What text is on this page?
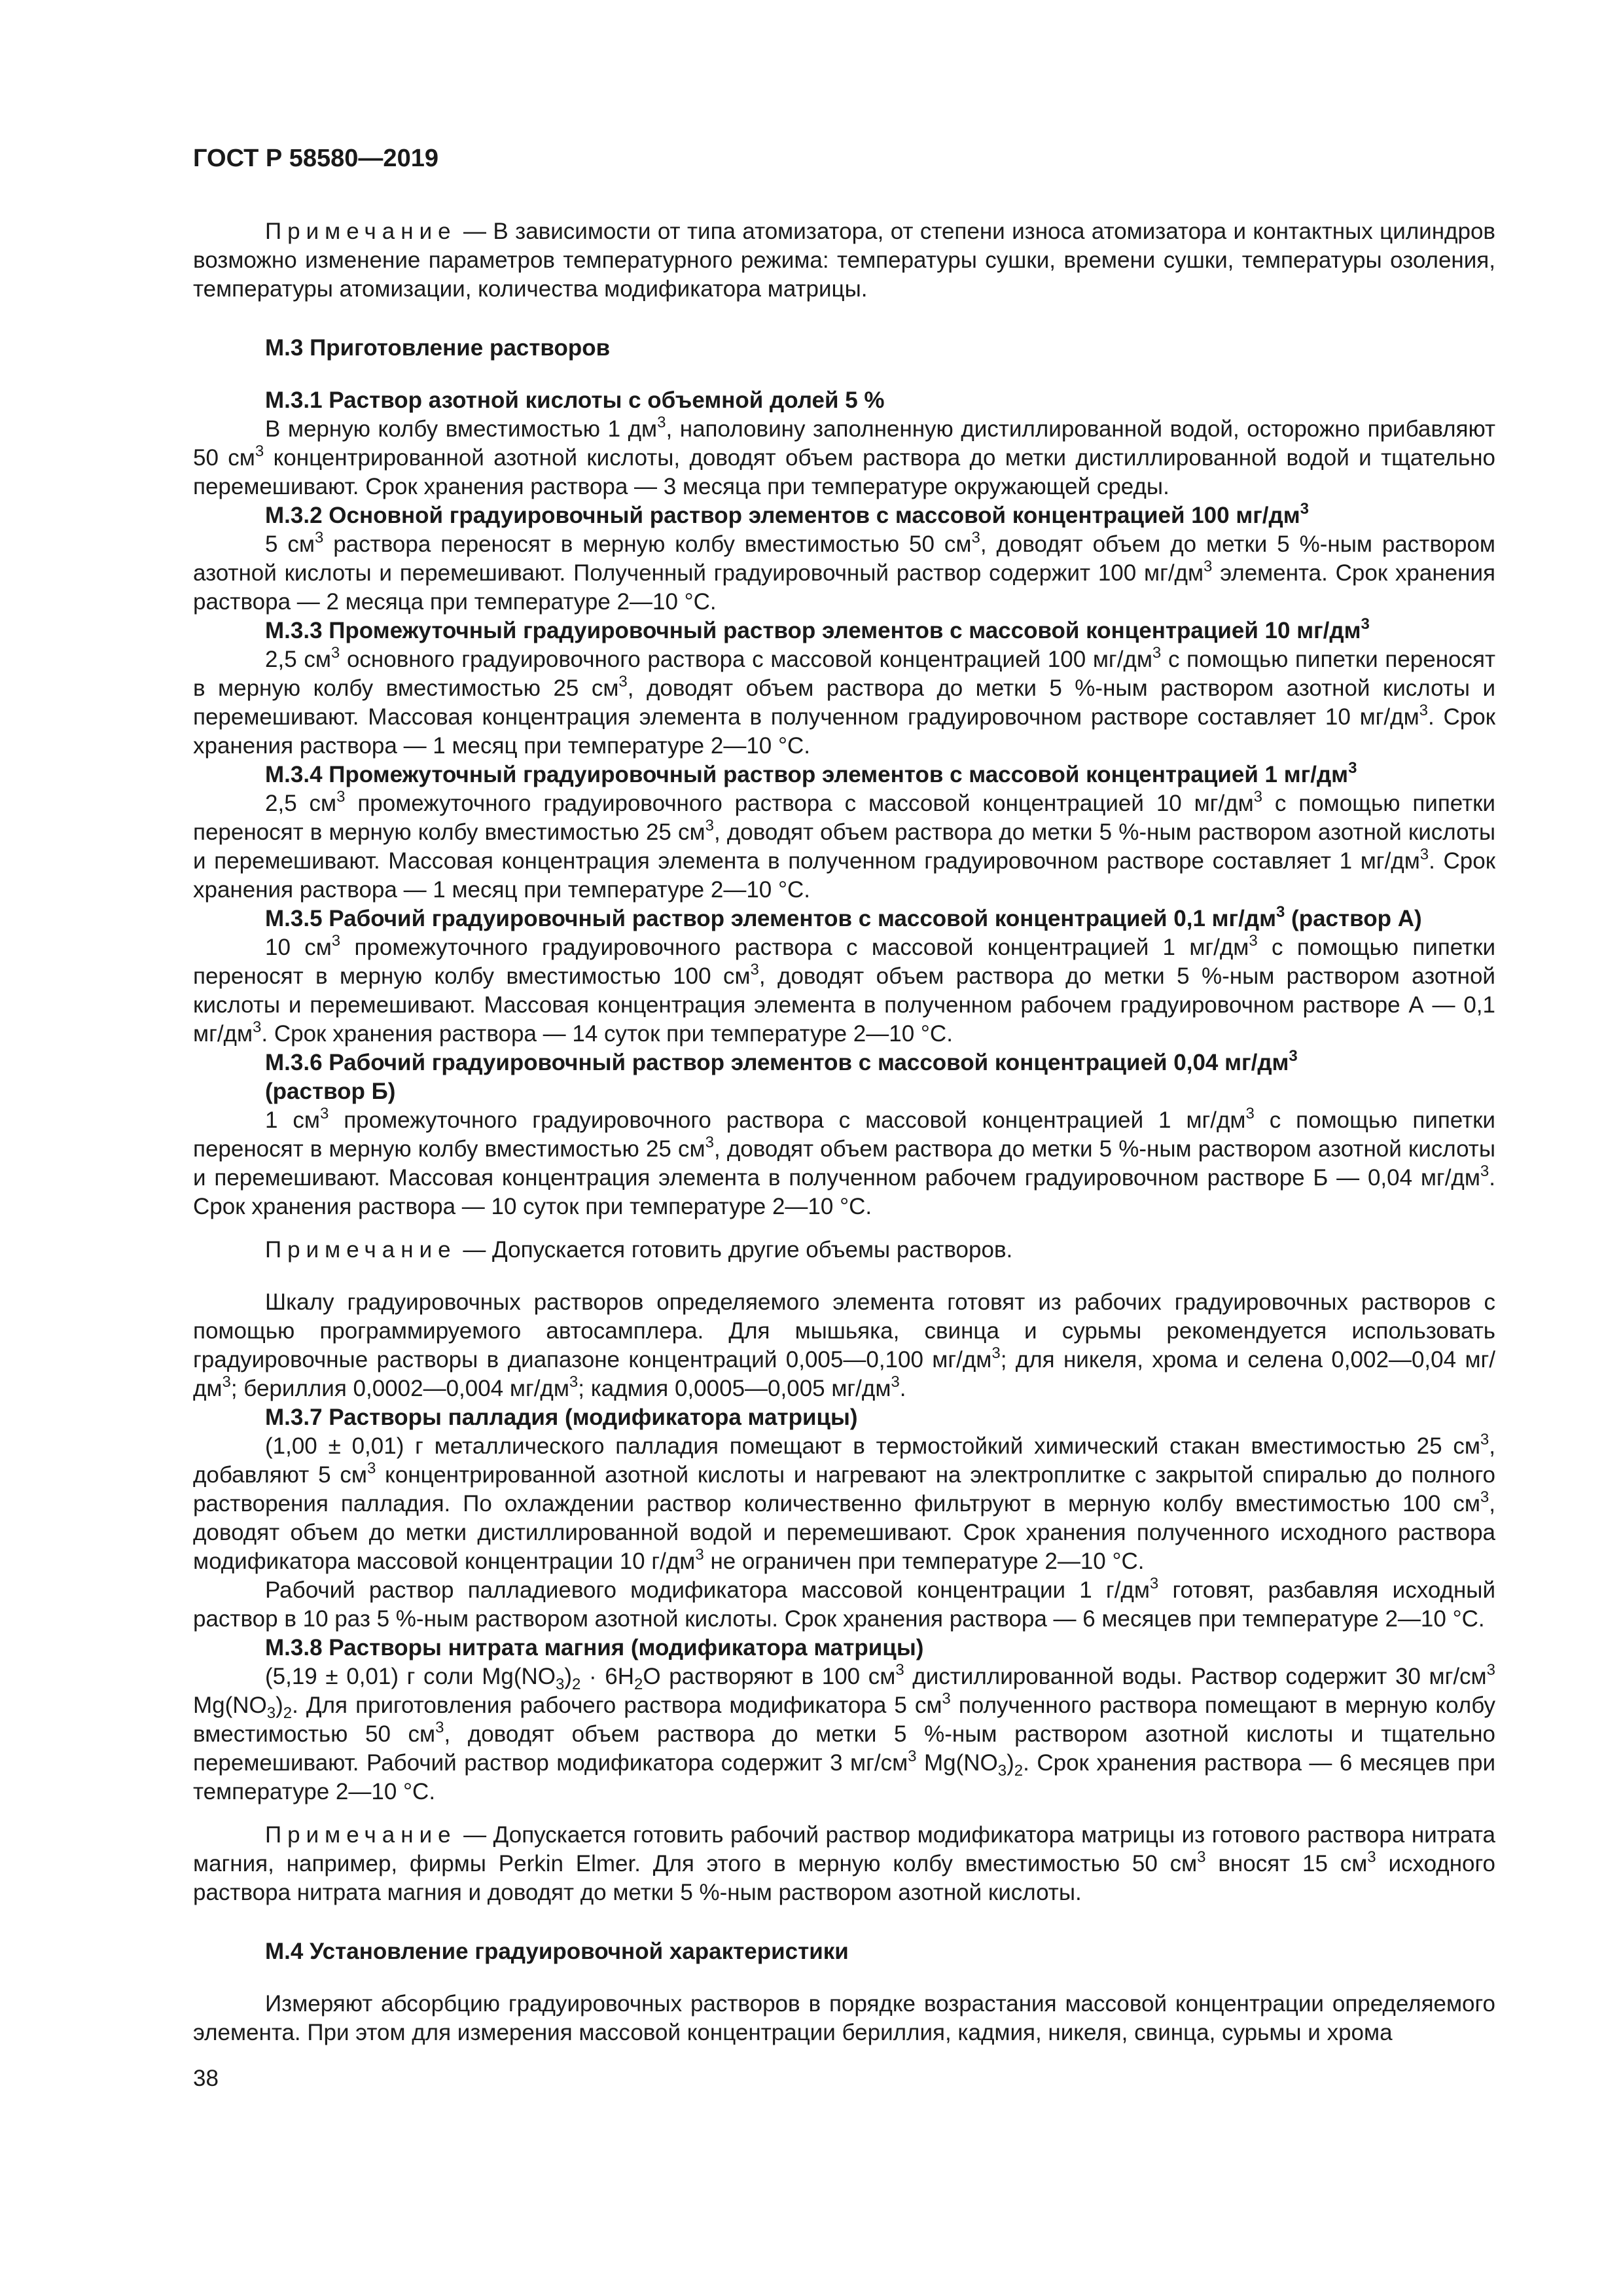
ГОСТ Р 58580—2019

Примечание — В зависимости от типа атомизатора, от степени износа атомизатора и контактных цилиндров возможно изменение параметров температурного режима: температуры сушки, времени сушки, температуры озоления, температуры атомизации, количества модификатора матрицы.

М.3 Приготовление растворов

М.3.1 Раствор азотной кислоты с объемной долей 5 %

В мерную колбу вместимостью 1 $дм^3$, наполовину заполненную дистиллированной водой, осторожно прибавляют 50 $см^3$ концентрированной азотной кислоты, доводят объем раствора до метки дистиллированной водой и тщательно перемешивают. Срок хранения раствора — 3 месяца при температуре окружающей среды.

М.3.2 Основной градуировочный раствор элементов с массовой концентрацией 100 $мг/дм^3$

5 $см^3$ раствора переносят в мерную колбу вместимостью 50 $см^3$, доводят объем до метки 5 %-ным раствором азотной кислоты и перемешивают. Полученный градуировочный раствор содержит 100 $мг/дм^3$ элемента. Срок хранения раствора — 2 месяца при температуре 2—10 °С.

М.3.3 Промежуточный градуировочный раствор элементов с массовой концентрацией 10 $мг/дм^3$

2,5 $см^3$ основного градуировочного раствора с массовой концентрацией 100 $мг/дм^3$ с помощью пипетки переносят в мерную колбу вместимостью 25 $см^3$, доводят объем раствора до метки 5 %-ным раствором азотной кислоты и перемешивают. Массовая концентрация элемента в полученном градуировочном растворе составляет 10 $мг/дм^3$. Срок хранения раствора — 1 месяц при температуре 2—10 °С.

М.3.4 Промежуточный градуировочный раствор элементов с массовой концентрацией 1 $мг/дм^3$

2,5 $см^3$ промежуточного градуировочного раствора с массовой концентрацией 10 $мг/дм^3$ с помощью пипетки переносят в мерную колбу вместимостью 25 $см^3$, доводят объем раствора до метки 5 %-ным раствором азотной кислоты и перемешивают. Массовая концентрация элемента в полученном градуировочном растворе составляет 1 $мг/дм^3$. Срок хранения раствора — 1 месяц при температуре 2—10 °С.

М.3.5 Рабочий градуировочный раствор элементов с массовой концентрацией 0,1 $мг/дм^3$ (раствор А)

10 $см^3$ промежуточного градуировочного раствора с массовой концентрацией 1 $мг/дм^3$ с помощью пипетки переносят в мерную колбу вместимостью 100 $см^3$, доводят объем раствора до метки 5 %-ным раствором азотной кислоты и перемешивают. Массовая концентрация элемента в полученном рабочем градуировочном растворе А — 0,1 $мг/дм^3$. Срок хранения раствора — 14 суток при температуре 2—10 °С.

М.3.6 Рабочий градуировочный раствор элементов с массовой концентрацией 0,04 $мг/дм^3$
(раствор Б)

1 $см^3$ промежуточного градуировочного раствора с массовой концентрацией 1 $мг/дм^3$ с помощью пипетки переносят в мерную колбу вместимостью 25 $см^3$, доводят объем раствора до метки 5 %-ным раствором азотной кислоты и перемешивают. Массовая концентрация элемента в полученном рабочем градуировочном растворе Б — 0,04 $мг/дм^3$. Срок хранения раствора — 10 суток при температуре 2—10 °С.

Примечание — Допускается готовить другие объемы растворов.

Шкалу градуировочных растворов определяемого элемента готовят из рабочих градуировочных растворов с помощью программируемого автосамплера. Для мышьяка, свинца и сурьмы рекомендуется использовать градуировочные растворы в диапазоне концентраций 0,005—0,100 $мг/дм^3$; для никеля, хрома и селена 0,002—0,04 $мг/дм^3$; бериллия 0,0002—0,004 $мг/дм^3$; кадмия 0,0005—0,005 $мг/дм^3$.

М.3.7 Растворы палладия (модификатора матрицы)

(1,00 ± 0,01) г металлического палладия помещают в термостойкий химический стакан вместимостью 25 $см^3$, добавляют 5 $см^3$ концентрированной азотной кислоты и нагревают на электроплитке с закрытой спиралью до полного растворения палладия. По охлаждении раствор количественно фильтруют в мерную колбу вместимостью 100 $см^3$, доводят объем до метки дистиллированной водой и перемешивают. Срок хранения полученного исходного раствора модификатора массовой концентрации 10 $г/дм^3$ не ограничен при температуре 2—10 °С.

Рабочий раствор палладиевого модификатора массовой концентрации 1 $г/дм^3$ готовят, разбавляя исходный раствор в 10 раз 5 %-ным раствором азотной кислоты. Срок хранения раствора — 6 месяцев при температуре 2—10 °С.

М.3.8 Растворы нитрата магния (модификатора матрицы)

(5,19 ± 0,01) г соли $Mg(NO_3)_2 \cdot 6H_2O$ растворяют в 100 $см^3$ дистиллированной воды. Раствор содержит 30 $мг/см^3$ $Mg(NO_3)_2$. Для приготовления рабочего раствора модификатора 5 $см^3$ полученного раствора помещают в мерную колбу вместимостью 50 $см^3$, доводят объем раствора до метки 5 %-ным раствором азотной кислоты и тщательно перемешивают. Рабочий раствор модификатора содержит 3 $мг/см^3$ $Mg(NO_3)_2$. Срок хранения раствора — 6 месяцев при температуре 2—10 °С.

Примечание — Допускается готовить рабочий раствор модификатора матрицы из готового раствора нитрата магния, например, фирмы Perkin Elmer. Для этого в мерную колбу вместимостью 50 $см^3$ вносят 15 $см^3$ исходного раствора нитрата магния и доводят до метки 5 %-ным раствором азотной кислоты.

М.4 Установление градуировочной характеристики

Измеряют абсорбцию градуировочных растворов в порядке возрастания массовой концентрации определяемого элемента. При этом для измерения массовой концентрации бериллия, кадмия, никеля, свинца, сурьмы и хрома

38
